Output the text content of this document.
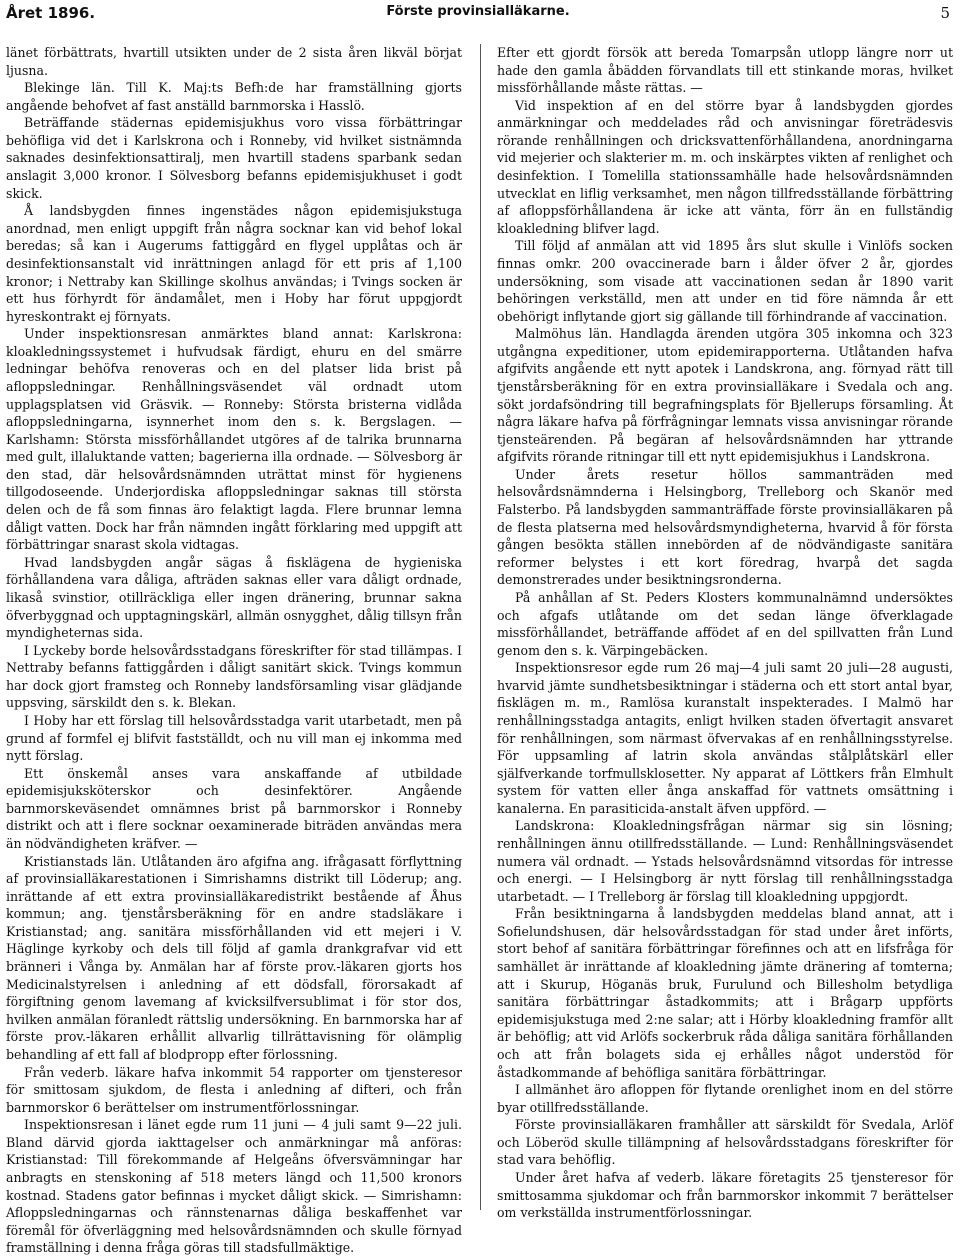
Året 1896.	Förste provinsialläkarne.	5

länet förbättrats, hvartill utsikten under de 2 sista åren likväl börjat ljusna.

Blekinge län. Till K. Maj:ts Befh:de har framställning gjorts angående behofvet af fast anställd barnmorska i Hasslö.

Beträffande städernas epidemisjukhus voro vissa förbättringar behöfliga vid det i Karlskrona och i Ronneby, vid hvilket sistnämnda saknades desinfektionsattiralj, men hvartill stadens sparbank sedan anslagit 3,000 kronor. I Sölvesborg befanns epidemisjukhuset i godt skick.

Å landsbygden finnes ingenstädes någon epidemisjukstuga anordnad, men enligt uppgift från några socknar kan vid behof lokal beredas; så kan i Augerums fattiggård en flygel upplåtas och är desinfektionsanstalt vid inrättningen anlagd för ett pris af 1,100 kronor; i Nettraby kan Skillinge skolhus användas; i Tvings socken är ett hus förhyrdt för ändamålet, men i Hoby har förut uppgjordt hyreskontrakt ej förnyats.

Under inspektionsresan anmärktes bland annat: Karlskrona: kloakledningssystemet i hufvudsak färdigt, ehuru en del smärre ledningar behöfva renoveras och en del platser lida brist på afloppsledningar. Renhållningsväsendet väl ordnadt utom upplagsplatsen vid Gräsvik. — Ronneby: Största bristerna vidlåda afloppsledningarna, isynnerhet inom den s. k. Bergslagen. — Karlshamn: Största missförhållandet utgöres af de talrika brunnarna med gult, illaluktande vatten; bagerierna illa ordnade. — Sölvesborg är den stad, där helsovårdsnämnden uträttat minst för hygienens tillgodoseende. Underjordiska afloppsledningar saknas till största delen och de få som finnas äro felaktigt lagda. Flere brunnar lemna dåligt vatten. Dock har från nämnden ingått förklaring med uppgift att förbättringar snarast skola vidtagas.

Hvad landsbygden angår sägas å fisklägena de hygieniska förhållandena vara dåliga, afträden saknas eller vara dåligt ordnade, likaså svinstior, otillräckliga eller ingen dränering, brunnar sakna öfverbyggnad och upptagningskärl, allmän osnygghet, dålig tillsyn från myndigheternas sida.

I Lyckeby borde helsovårdsstadgans föreskrifter för stad tillämpas. I Nettraby befanns fattiggården i dåligt sanitärt skick. Tvings kommun har dock gjort framsteg och Ronneby landsförsamling visar glädjande uppsving, särskildt den s. k. Blekan.

I Hoby har ett förslag till helsovårdsstadga varit utarbetadt, men på grund af formfel ej blifvit fastställdt, och nu vill man ej inkomma med nytt förslag.

Ett önskemål anses vara anskaffande af utbildade epidemisjuksköterskor och desinfektörer. Angående barnmorskeväsendet omnämnes brist på barnmorskor i Ronneby distrikt och att i flere socknar oexaminerade biträden användas mera än nödvändigheten kräfver. —

Kristianstads län. Utlåtanden äro afgifna ang. ifrågasatt förflyttning af provinsialläkarestationen i Simrishamns distrikt till Löderup; ang. inrättande af ett extra provinsialläkaredistrikt bestående af Åhus kommun; ang. tjenstårsberäkning för en andre stadsläkare i Kristianstad; ang. sanitära missförhållanden vid ett mejeri i V. Häglinge kyrkoby och dels till följd af gamla drankgrafvar vid ett bränneri i Vånga by. Anmälan har af förste prov.-läkaren gjorts hos Medicinalstyrelsen i anledning af ett dödsfall, förorsakadt af förgiftning genom lavemang af kvicksilfversublimat i för stor dos, hvilken anmälan föranledt rättslig undersökning. En barnmorska har af förste prov.-läkaren erhållit allvarlig tillrättavisning för olämplig behandling af ett fall af blodpropp efter förlossning.

Från vederb. läkare hafva inkommit 54 rapporter om tjensteresor för smittosam sjukdom, de flesta i anledning af difteri, och från barnmorskor 6 berättelser om instrumentförlossningar.

Inspektionsresan i länet egde rum 11 juni — 4 juli samt 9—22 juli. Bland därvid gjorda iakttagelser och anmärkningar må anföras: Kristianstad: Till förekommande af Helgeåns öfversvämningar har anbragts en stenskoning af 518 meters längd och 11,500 kronors kostnad. Stadens gator befinnas i mycket dåligt skick. — Simrishamn: Afloppsledningarnas och rännstenarnas dåliga beskaffenhet var föremål för öfverläggning med helsovårdsnämnden och skulle förnyad framställning i denna fråga göras till stadsfullmäktige.

Efter ett gjordt försök att bereda Tomarpsån utlopp längre norr ut hade den gamla åbädden förvandlats till ett stinkande moras, hvilket missförhållande måste rättas. —

Vid inspektion af en del större byar å landsbygden gjordes anmärkningar och meddelades råd och anvisningar företrädesvis rörande renhållningen och dricksvattenförhållandena, anordningarna vid mejerier och slakterier m. m. och inskärptes vikten af renlighet och desinfektion. I Tomelilla stationssamhälle hade helsovårdsnämnden utvecklat en liflig verksamhet, men någon tillfredsställande förbättring af afloppsförhållandena är icke att vänta, förr än en fullständig kloakledning blifver lagd.

Till följd af anmälan att vid 1895 års slut skulle i Vinlöfs socken finnas omkr. 200 ovaccinerade barn i ålder öfver 2 år, gjordes undersökning, som visade att vaccinationen sedan år 1890 varit behöringen verkställd, men att under en tid före nämnda år ett obehörigt inflytande gjort sig gällande till förhindrande af vaccination.

Malmöhus län. Handlagda ärenden utgöra 305 inkomna och 323 utgångna expeditioner, utom epidemirapporterna. Utlåtanden hafva afgifvits angående ett nytt apotek i Landskrona, ang. förnyad rätt till tjenstårsberäkning för en extra provinsialläkare i Svedala och ang. sökt jordafsöndring till begrafningsplats för Bjellerups församling. Åt några läkare hafva på förfrågningar lemnats vissa anvisningar rörande tjensteärenden. På begäran af helsovårdsnämnden har yttrande afgifvits rörande ritningar till ett nytt epidemisjukhus i Landskrona.

Under årets resetur höllos sammanträden med helsovårdsnämnderna i Helsingborg, Trelleborg och Skanör med Falsterbo. På landsbygden sammanträffade förste provinsialläkaren på de flesta platserna med helsovårdsmyndigheterna, hvarvid å för första gången besökta ställen innebörden af de nödvändigaste sanitära reformer belystes i ett kort föredrag, hvarpå det sagda demonstrerades under besiktningsronderna.

På anhållan af St. Peders Klosters kommunalnämnd undersöktes och afgafs utlåtande om det sedan länge öfverklagade missförhållandet, beträffande affödet af en del spillvatten från Lund genom den s. k. Värpingebäcken.

Inspektionsresor egde rum 26 maj—4 juli samt 20 juli—28 augusti, hvarvid jämte sundhetsbesiktningar i städerna och ett stort antal byar, fisklägen m. m., Ramlösa kuranstalt inspekterades. I Malmö har renhållningsstadga antagits, enligt hvilken staden öfvertagit ansvaret för renhållningen, som närmast öfvervakas af en renhållningsstyrelse. För uppsamling af latrin skola användas stålplåtskärl eller själfverkande torfmullsklosetter. Ny apparat af Löttkers från Elmhult system för vatten eller ånga anskaffad för vattnets omsättning i kanalerna. En parasiticida-anstalt äfven uppförd. —

Landskrona: Kloakledningsfrågan närmar sig sin lösning; renhållningen ännu otillfredsställande. — Lund: Renhållningsväsendet numera väl ordnadt. — Ystads helsovårdsnämnd vitsordas för intresse och energi. — I Helsingborg är nytt förslag till renhållningsstadga utarbetadt. — I Trelleborg är förslag till kloakledning uppgjordt.

Från besiktningarna å landsbygden meddelas bland annat, att i Sofielundshusen, där helsovårdsstadgan för stad under året införts, stort behof af sanitära förbättringar förefinnes och att en lifsfråga för samhället är inrättande af kloakledning jämte dränering af tomterna; att i Skurup, Höganäs bruk, Furulund och Billesholm betydliga sanitära förbättringar åstadkommits; att i Brågarp uppförts epidemisjukstuga med 2:ne salar; att i Hörby kloakledning framför allt är behöflig; att vid Arlöfs sockerbruk råda dåliga sanitära förhållanden och att från bolagets sida ej erhålles något understöd för åstadkommande af behöfliga sanitära förbättringar.

I allmänhet äro afloppen för flytande orenlighet inom en del större byar otillfredsställande.

Förste provinsialläkaren framhåller att särskildt för Svedala, Arlöf och Löberöd skulle tillämpning af helsovårdsstadgans föreskrifter för stad vara behöflig.

Under året hafva af vederb. läkare företagits 25 tjensteresor för smittosamma sjukdomar och från barnmorskor inkommit 7 berättelser om verkställda instrumentförlossningar.
